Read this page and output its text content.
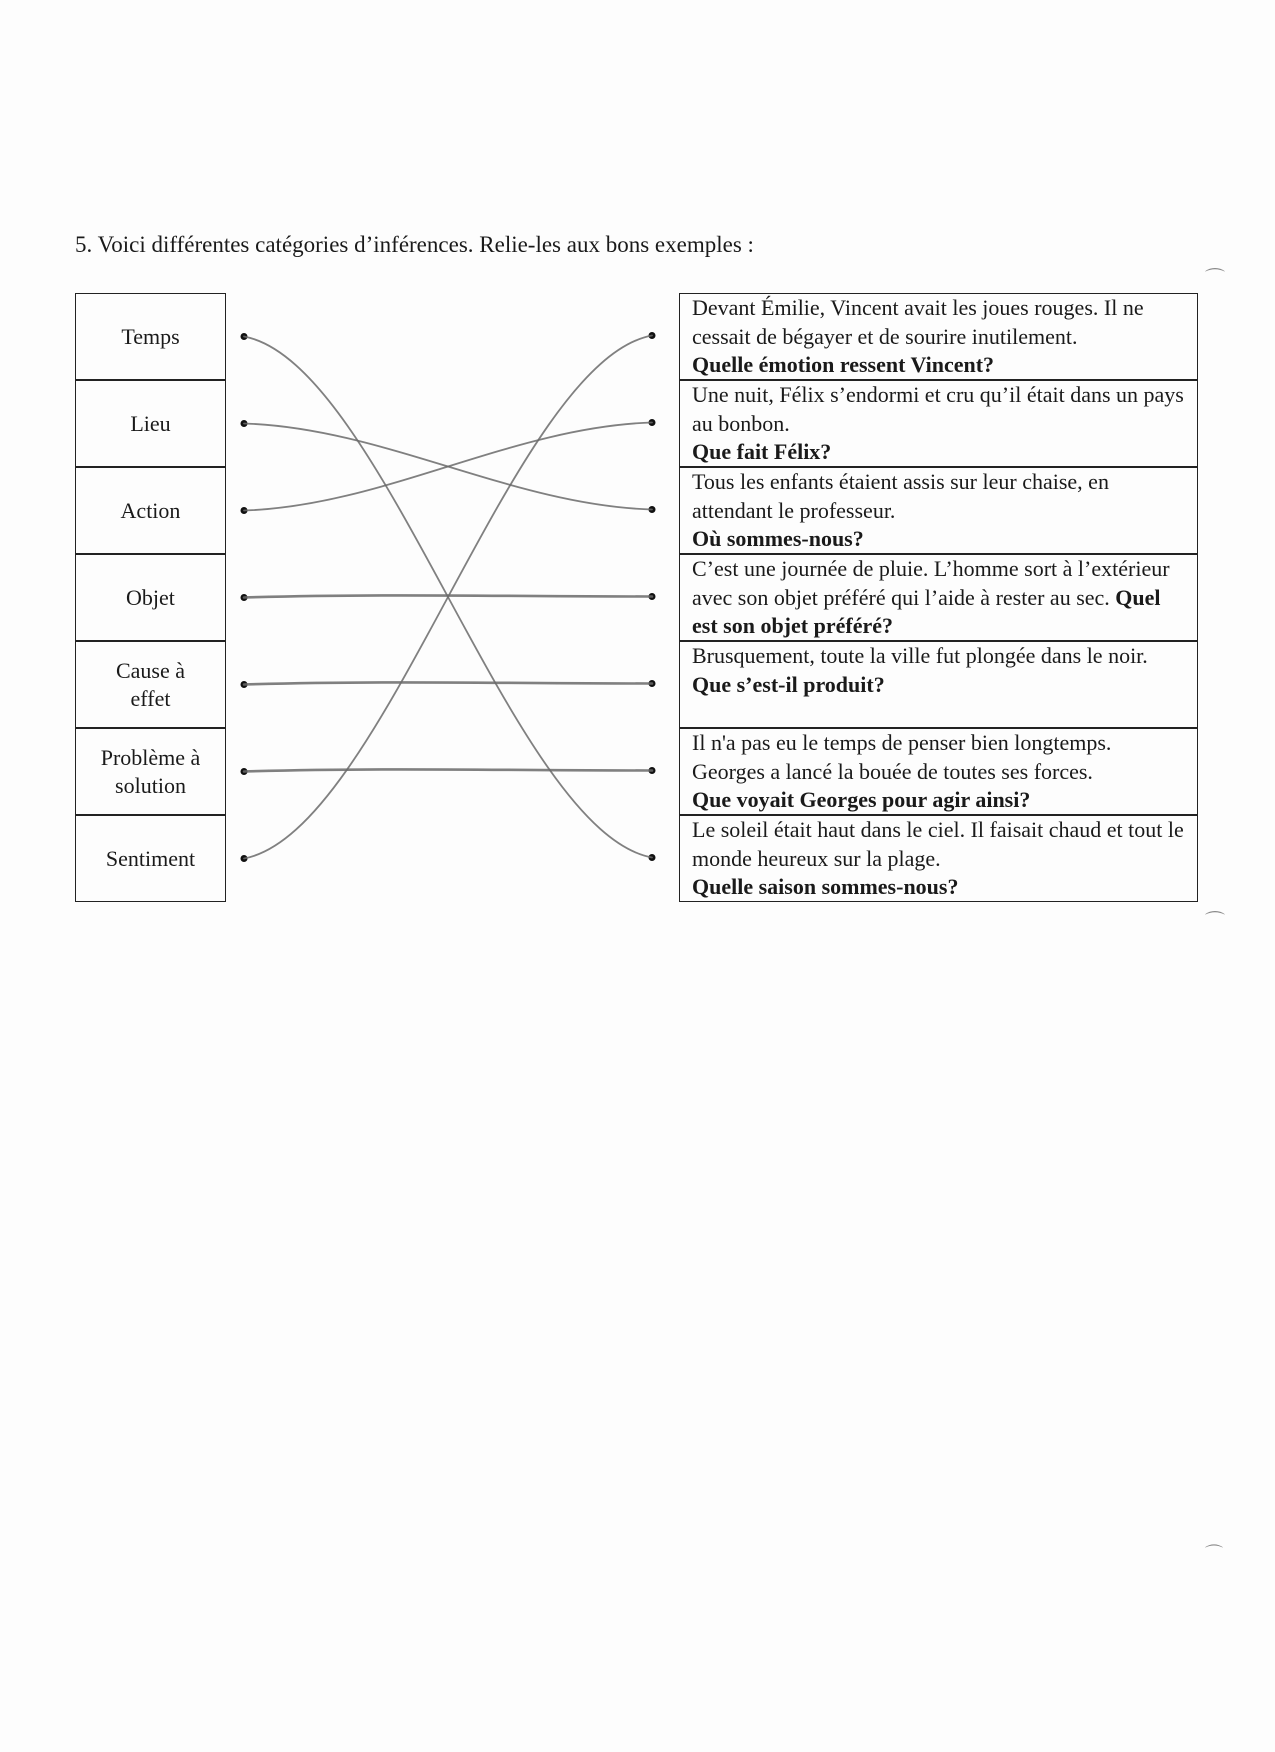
5. Voici différentes catégories d’inférences. Relie-les aux bons exemples :
Temps
Lieu
Action
Objet
Cause à effet
Problème à solution
Sentiment
Devant Émilie, Vincent avait les joues rouges. Il ne cessait de bégayer et de sourire inutilement.
Quelle émotion ressent Vincent?
Une nuit, Félix s’endormi et cru qu’il était dans un pays au bonbon.
Que fait Félix?
Tous les enfants étaient assis sur leur chaise, en attendant le professeur.
Où sommes-nous?
C’est une journée de pluie. L’homme sort à l’extérieur avec son objet préféré qui l’aide à rester au sec. Quel est son objet préféré?
Brusquement, toute la ville fut plongée dans le noir.
Que s’est-il produit?
Il n'a pas eu le temps de penser bien longtemps. Georges a lancé la bouée de toutes ses forces.
Que voyait Georges pour agir ainsi?
Le soleil était haut dans le ciel. Il faisait chaud et tout le monde heureux sur la plage.
Quelle saison sommes-nous?
⌒
⌒
⌒
